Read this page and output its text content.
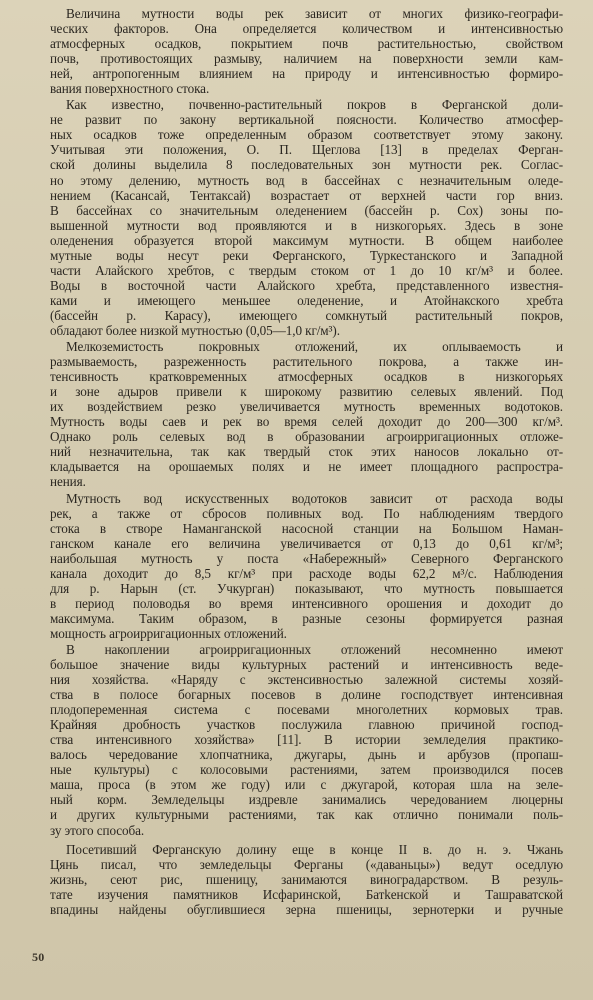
Величина мутности воды рек зависит от многих физико-географи-
ческих факторов. Она определяется количеством и интенсивностью
атмосферных осадков, покрытием почв растительностью, свойством
почв, противостоящих размыву, наличием на поверхности земли кам-
ней, антропогенным влиянием на природу и интенсивностью формиро-
вания поверхностного стока.

Как известно, почвенно-растительный покров в Ферганской доли-
не развит по закону вертикальной поясности. Количество атмосфер-
ных осадков тоже определенным образом соответствует этому закону.
Учитывая эти положения, О. П. Щеглова [13] в пределах Ферган-
ской долины выделила 8 последовательных зон мутности рек. Соглас-
но этому делению, мутность вод в бассейнах с незначительным оледе-
нением (Касансай, Тентаксай) возрастает от верхней части гор вниз.
В бассейнах со значительным оледенением (бассейн р. Сох) зоны по-
вышенной мутности вод проявляются и в низкогорьях. Здесь в зоне
оледенения образуется второй максимум мутности. В общем наиболее
мутные воды несут реки Ферганского, Туркестанского и Западной
части Алайского хребтов, с твердым стоком от 1 до 10 кг/м³ и более.
Воды в восточной части Алайского хребта, представленного известня-
ками и имеющего меньшее оледенение, и Атойнакского хребта
(бассейн р. Карасу), имеющего сомкнутый растительный покров,
обладают более низкой мутностью (0,05—1,0 кг/м³).

Мелкоземистость покровных отложений, их оплываемость и
размываемость, разреженность растительного покрова, а также ин-
тенсивность кратковременных атмосферных осадков в низкогорьях
и зоне адыров привели к широкому развитию селевых явлений. Под
их воздействием резко увеличивается мутность временных водотоков.
Мутность воды саев и рек во время селей доходит до 200—300 кг/м³.
Однако роль селевых вод в образовании агроирригационных отложе-
ний незначительна, так как твердый сток этих наносов локально от-
кладывается на орошаемых полях и не имеет площадного распростра-
нения.

Мутность вод искусственных водотоков зависит от расхода воды
рек, а также от сбросов поливных вод. По наблюдениям твердого
стока в створе Наманганской насосной станции на Большом Наман-
ганском канале его величина увеличивается от 0,13 до 0,61 кг/м³;
наибольшая мутность у поста «Набережный» Северного Ферганского
канала доходит до 8,5 кг/м³ при расходе воды 62,2 м³/с. Наблюдения
для р. Нарын (ст. Учкурган) показывают, что мутность повышается
в период половодья во время интенсивного орошения и доходит до
максимума. Таким образом, в разные сезоны формируется разная
мощность агроирригационных отложений.

В накоплении агроирригационных отложений несомненно имеют
большое значение виды культурных растений и интенсивность веде-
ния хозяйства. «Наряду с экстенсивностью залежной системы хозяй-
ства в полосе богарных посевов в долине господствует интенсивная
плодопеременная система с посевами многолетних кормовых трав.
Крайняя дробность участков послужила главною причиной господ-
ства интенсивного хозяйства» [11]. В истории земледелия практико-
валось чередование хлопчатника, джугары, дынь и арбузов (пропаш-
ные культуры) с колосовыми растениями, затем производился посев
маша, проса (в этом же году) или с джугарой, которая шла на зеле-
ный корм. Земледельцы издревле занимались чередованием люцерны
и других культурными растениями, так как отлично понимали поль-
зу этого способа.

Посетивший Ферганскую долину еще в конце II в. до н. э. Чжань
Цянь писал, что земледельцы Ферганы («даваньцы») ведут оседлую
жизнь, сеют рис, пшеницу, занимаются виноградарством. В резуль-
тате изучения памятников Исфаринской, Батkенской и Ташраватской
впадины найдены обуглившиеся зерна пшеницы, зернотерки и ручные

50
